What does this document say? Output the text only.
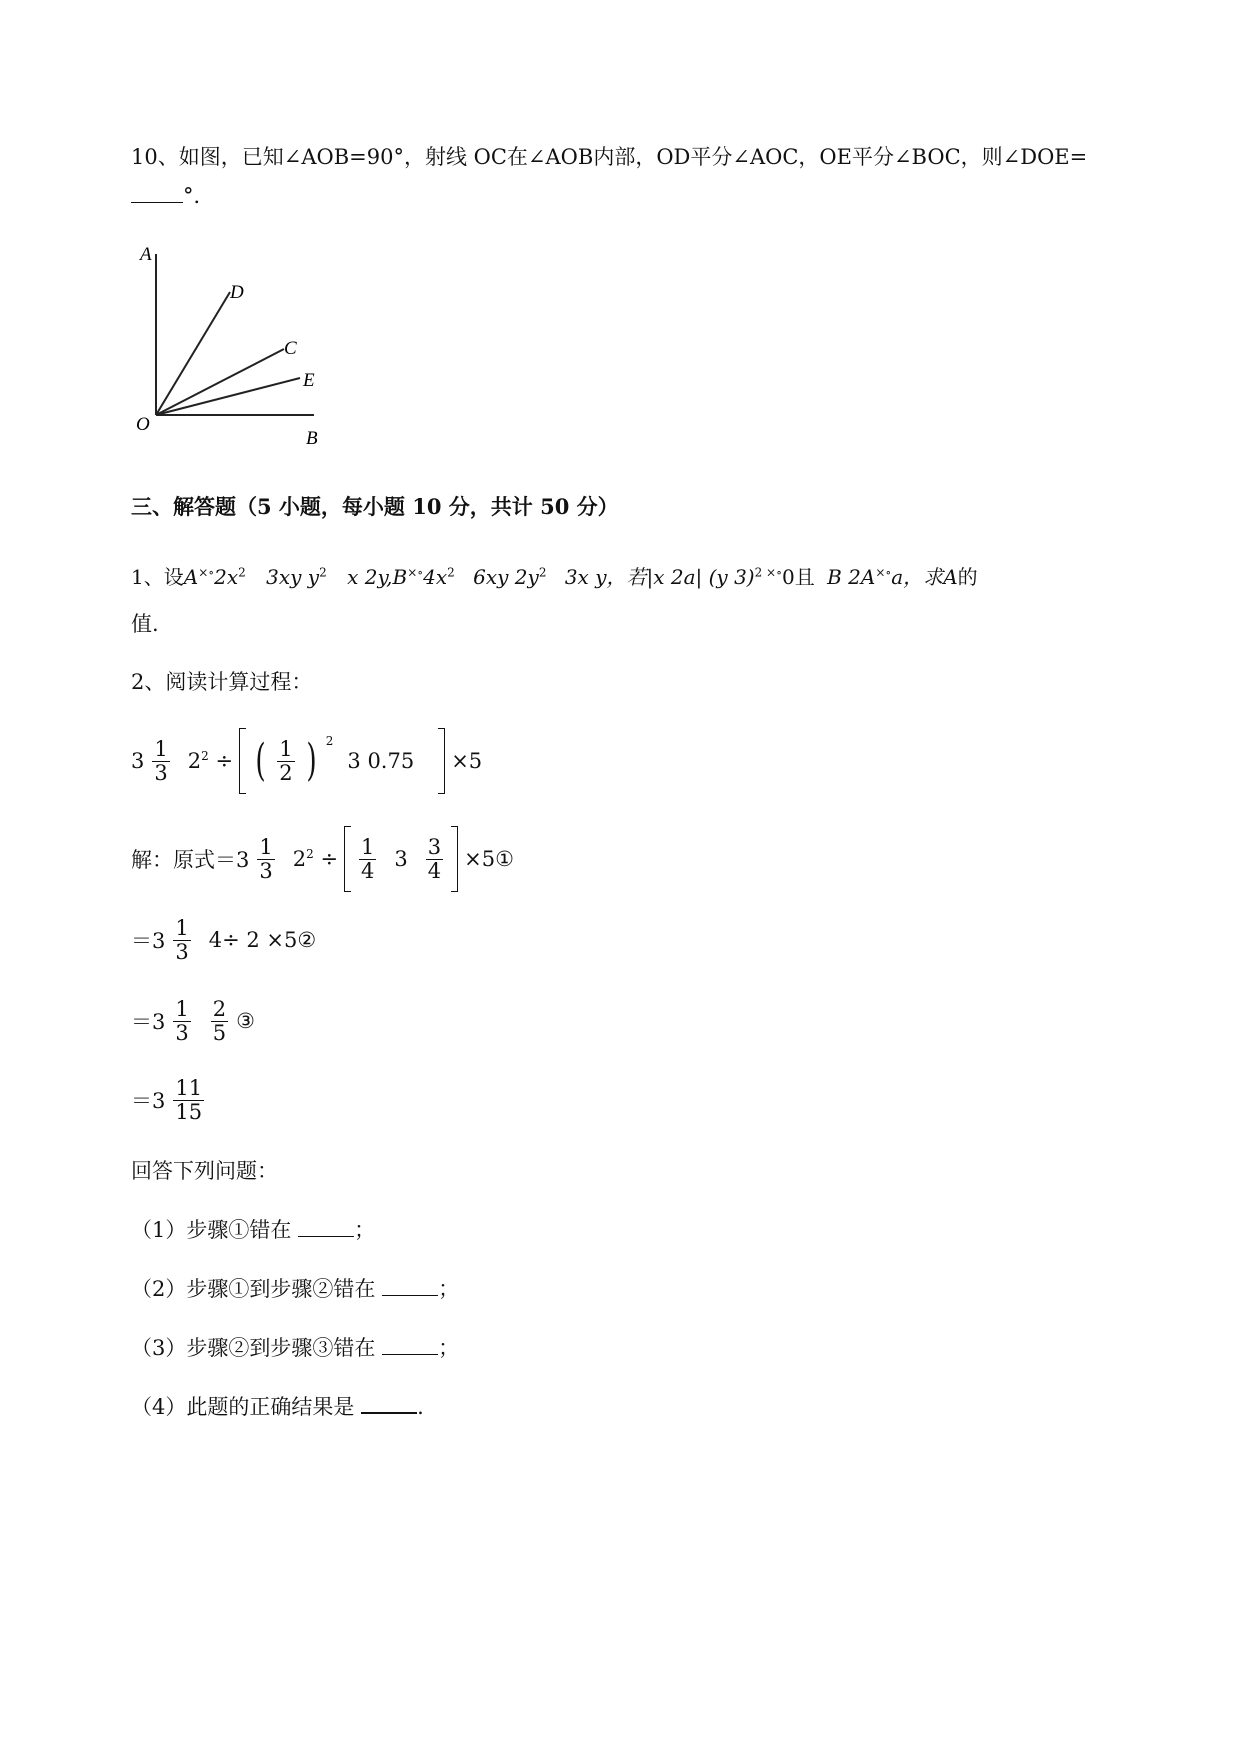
10、如图，已知∠AOB=90°，射线 OC在∠AOB内部，OD平分∠AOC，OE平分∠BOC，则∠DOE=
°．
A
D
C
E
O
B
三、解答题（5 小题，每小题 10 分，共计 50 分）
1、设$A^{\times\circ}2x^2$ 3xy $y^2$ x $2y,B^{\times\circ}4x^2$ 6xy $2y^2$ 3x y，若|x 2a| (y 3)$^{2 \times\circ}$0且 B 2A×∘a，求A的
值.
2、阅读计算过程：
$3 \frac{1}{3} 2^2$ ÷ ( $\frac{1}{2}$ ) $^2$
3 0.75 ×5
解：原式$=3 \frac{1}{3} 2^2 \div \frac{1}{4} 3 \frac{3}{4}$ ×5①
$=3 \frac{1}{3} 4\div 2$ ×5②
$=3 \frac{1}{3} \frac{2}{5}$ ③
$=3 \frac{11}{15}$
回答下列问题：
（1）步骤①错在	；
（2）步骤①到步骤②错在	；
（3）步骤②到步骤③错在	；
（4）此题的正确结果是	.
